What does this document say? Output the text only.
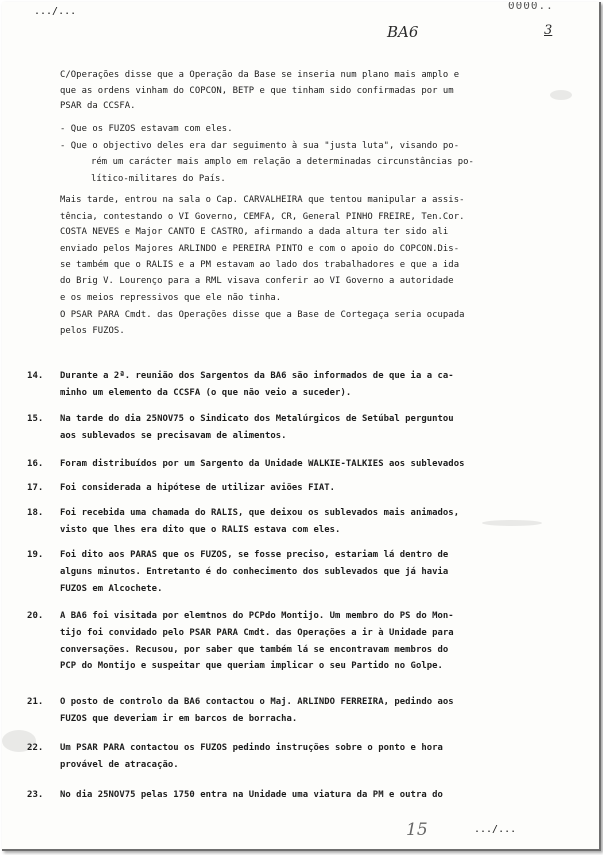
.../...	0000..
BA6	3
C/Operações disse que a Operação da Base se inseria num plano mais amplo e
que as ordens vinham do COPCON, BETP e que tinham sido confirmadas por um
PSAR da CCSFA.
- Que os FUZOS estavam com eles.
- Que o objectivo deles era dar seguimento à sua "justa luta", visando po-
rém um carácter mais amplo em relação a determinadas circunstâncias po-
lítico-militares do País.
Mais tarde, entrou na sala o Cap. CARVALHEIRA que tentou manipular a assis-
tência, contestando o VI Governo, CEMFA, CR, General PINHO FREIRE, Ten.Cor.
COSTA NEVES e Major CANTO E CASTRO, afirmando a dada altura ter sido ali
enviado pelos Majores ARLINDO e PEREIRA PINTO e com o apoio do COPCON.Dis-
se também que o RALIS e a PM estavam ao lado dos trabalhadores e que a ida
do Brig V. Lourenço para a RML visava conferir ao VI Governo a autoridade
e os meios repressivos que ele não tinha.
O PSAR PARA Cmdt. das Operações disse que a Base de Cortegaça seria ocupada
pelos FUZOS.
14. Durante a 2ª. reunião dos Sargentos da BA6 são informados de que ia a ca-
minho um elemento da CCSFA (o que não veio a suceder).
15. Na tarde do dia 25NOV75 o Sindicato dos Metalúrgicos de Setúbal perguntou
aos sublevados se precisavam de alimentos.
16. Foram distribuídos por um Sargento da Unidade WALKIE-TALKIES aos sublevados
17. Foi considerada a hipótese de utilizar aviões FIAT.
18. Foi recebida uma chamada do RALIS, que deixou os sublevados mais animados,
visto que lhes era dito que o RALIS estava com eles.
19. Foi dito aos PARAS que os FUZOS, se fosse preciso, estariam lá dentro de
alguns minutos. Entretanto é do conhecimento dos sublevados que já havia
FUZOS em Alcochete.
20. A BA6 foi visitada por elemtnos do PCPdo Montijo. Um membro do PS do Mon-
tijo foi convidado pelo PSAR PARA Cmdt. das Operações a ir à Unidade para
conversações. Recusou, por saber que também lá se encontravam membros do
PCP do Montijo e suspeitar que queriam implicar o seu Partido no Golpe.
21. O posto de controlo da BA6 contactou o Maj. ARLINDO FERREIRA, pedindo aos
FUZOS que deveriam ir em barcos de borracha.
22. Um PSAR PARA contactou os FUZOS pedindo instruções sobre o ponto e hora
provável de atracação.
23. No dia 25NOV75 pelas 1750 entra na Unidade uma viatura da PM e outra do
15	.../...
